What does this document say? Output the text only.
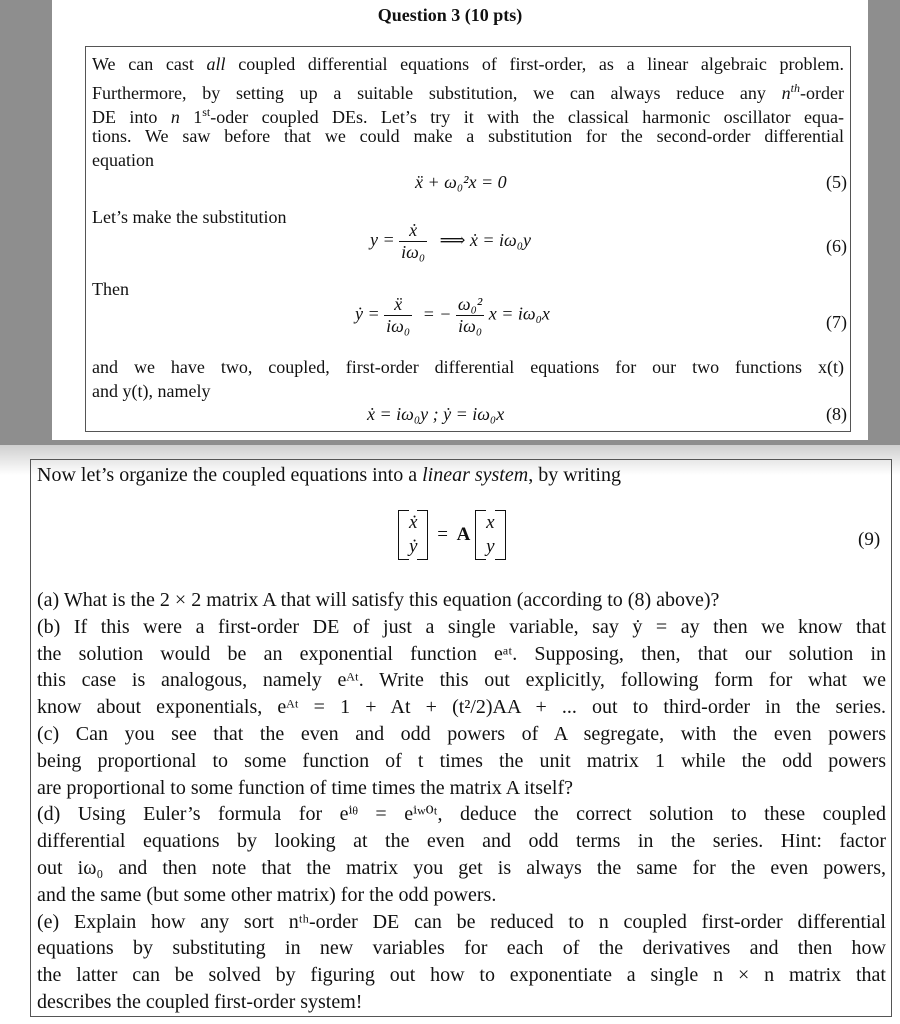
Question 3 (10 pts)
We can cast all coupled differential equations of first-order, as a linear algebraic problem.
Furthermore, by setting up a suitable substitution, we can always reduce any $n^{th}$-order
DE into n 1st-oder coupled DEs. Let’s try it with the classical harmonic oscillator equa-
tions. We saw before that we could make a substitution for the second-order differential
equation
ẍ + ω₀²x = 0	(5)
Let’s make the substitution
$y = \frac{\text{ẋ}}{\text{iω₀}}$ ⟹ ẋ = iω₀y	(6)
Then
ẏ = $\frac{\text{ẍ}}{\text{iω₀}}$ = − $\frac{\text{ω₀²}}{\text{iω₀}}$ x = iω₀x	(7)
and we have two, coupled, first-order differential equations for our two functions x(t)
and y(t), namely
ẋ = iω₀y ; ẏ = iω₀x	(8)
Now let’s organize the coupled equations into a linear system, by writing
ẋ
ẏ
= A
x
y	(9)
(a) What is the 2 × 2 matrix A that will satisfy this equation (according to (8) above)?
(b) If this were a first-order DE of just a single variable, say ẏ = ay then we know that
the solution would be an exponential function eᵃᵗ. Supposing, then, that our solution in
this case is analogous, namely eᴬᵗ. Write this out explicitly, following form for what we
know about exponentials, eᴬᵗ = 1 + At + (t²/2)AA + ... out to third-order in the series.
(c) Can you see that the even and odd powers of A segregate, with the even powers
being proportional to some function of t times the unit matrix 1 while the odd powers
are proportional to some function of time times the matrix A itself?
(d) Using Euler’s formula for eⁱᶿ = eⁱʷ⁰ᵗ, deduce the correct solution to these coupled
differential equations by looking at the even and odd terms in the series. Hint: factor
out iω₀ and then note that the matrix you get is always the same for the even powers,
and the same (but some other matrix) for the odd powers.
(e) Explain how any sort nᵗʰ-order DE can be reduced to n coupled first-order differential
equations by substituting in new variables for each of the derivatives and then how
the latter can be solved by figuring out how to exponentiate a single n × n matrix that
describes the coupled first-order system!
